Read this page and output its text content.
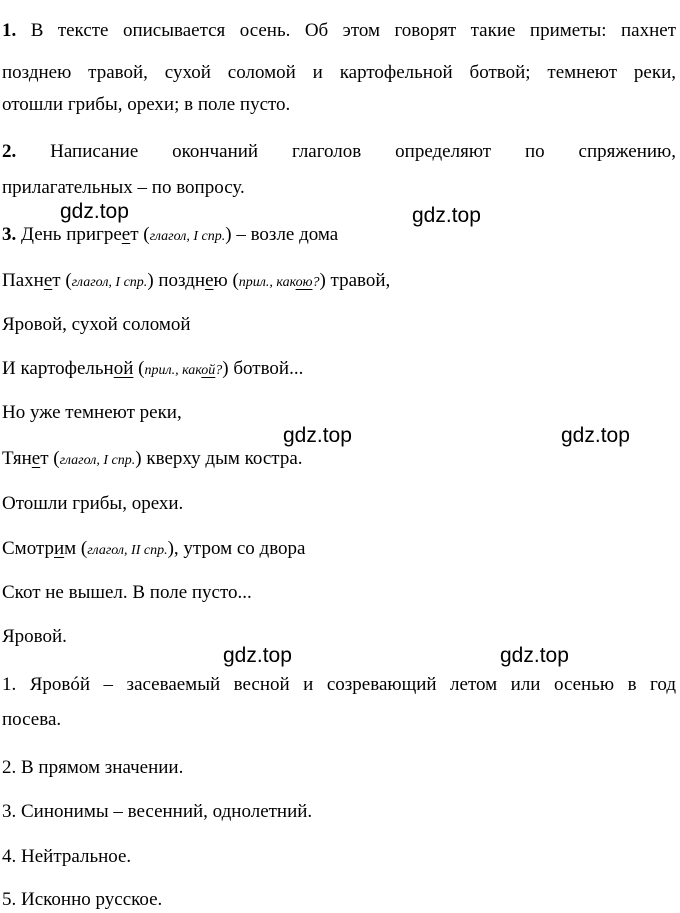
1. В тексте описывается осень. Об этом говорят такие приметы: пахнет
позднею травой, сухой соломой и картофельной ботвой; темнеют реки,
отошли грибы, орехи; в поле пусто.
2. Написание окончаний глаголов определяют по спряжению,
прилагательных – по вопросу.
3. День пригреет (глагол, I спр.) – возле дома
Пахнет (глагол, I спр.) позднею (прил., какою?) травой,
Яровой, сухой соломой
И картофельной (прил., какой?) ботвой...
Но уже темнеют реки,
Тянет (глагол, I спр.) кверху дым костра.
Отошли грибы, орехи.
Смотрим (глагол, II спр.), утром со двора
Скот не вышел. В поле пусто...
Яровой.
1. Яровóй – засеваемый весной и созревающий летом или осенью в год
посева.
2. В прямом значении.
3. Синонимы – весенний, однолетний.
4. Нейтральное.
5. Исконно русское.
gdz.top	gdz.top
gdz.top	gdz.top
gdz.top	gdz.top
